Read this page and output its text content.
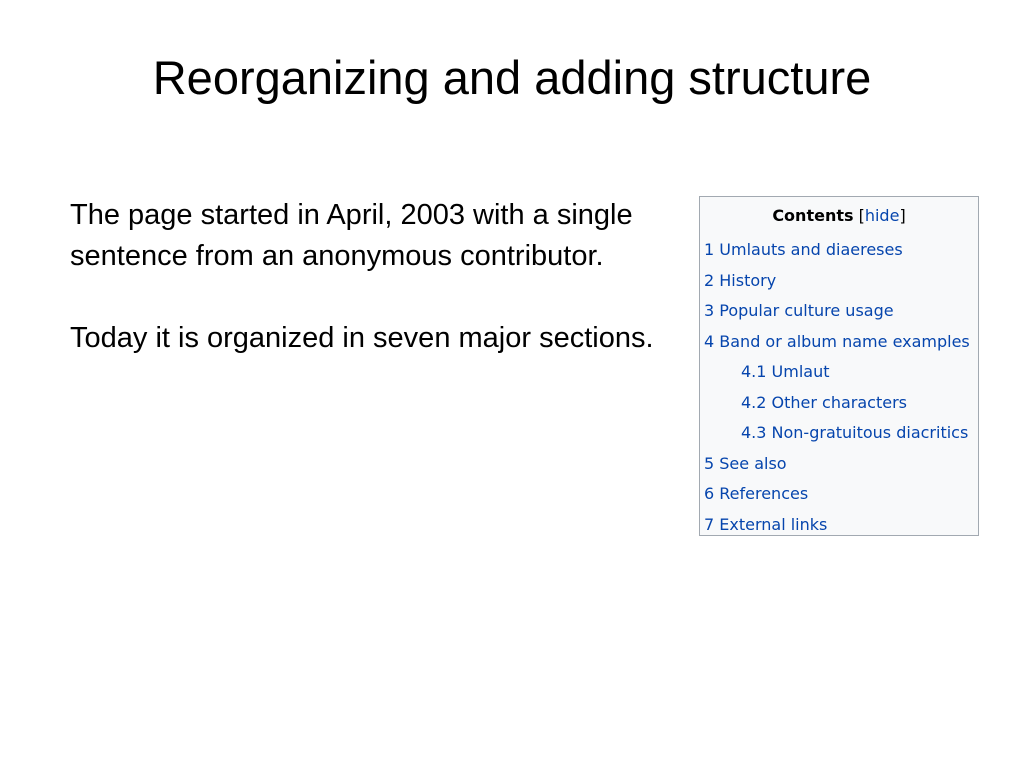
Reorganizing and adding structure

The page started in April, 2003 with a single sentence from an anonymous contributor.

Today it is organized in seven major sections.

Contents [hide]
1 Umlauts and diaereses
2 History
3 Popular culture usage
4 Band or album name examples
4.1 Umlaut
4.2 Other characters
4.3 Non-gratuitous diacritics
5 See also
6 References
7 External links
